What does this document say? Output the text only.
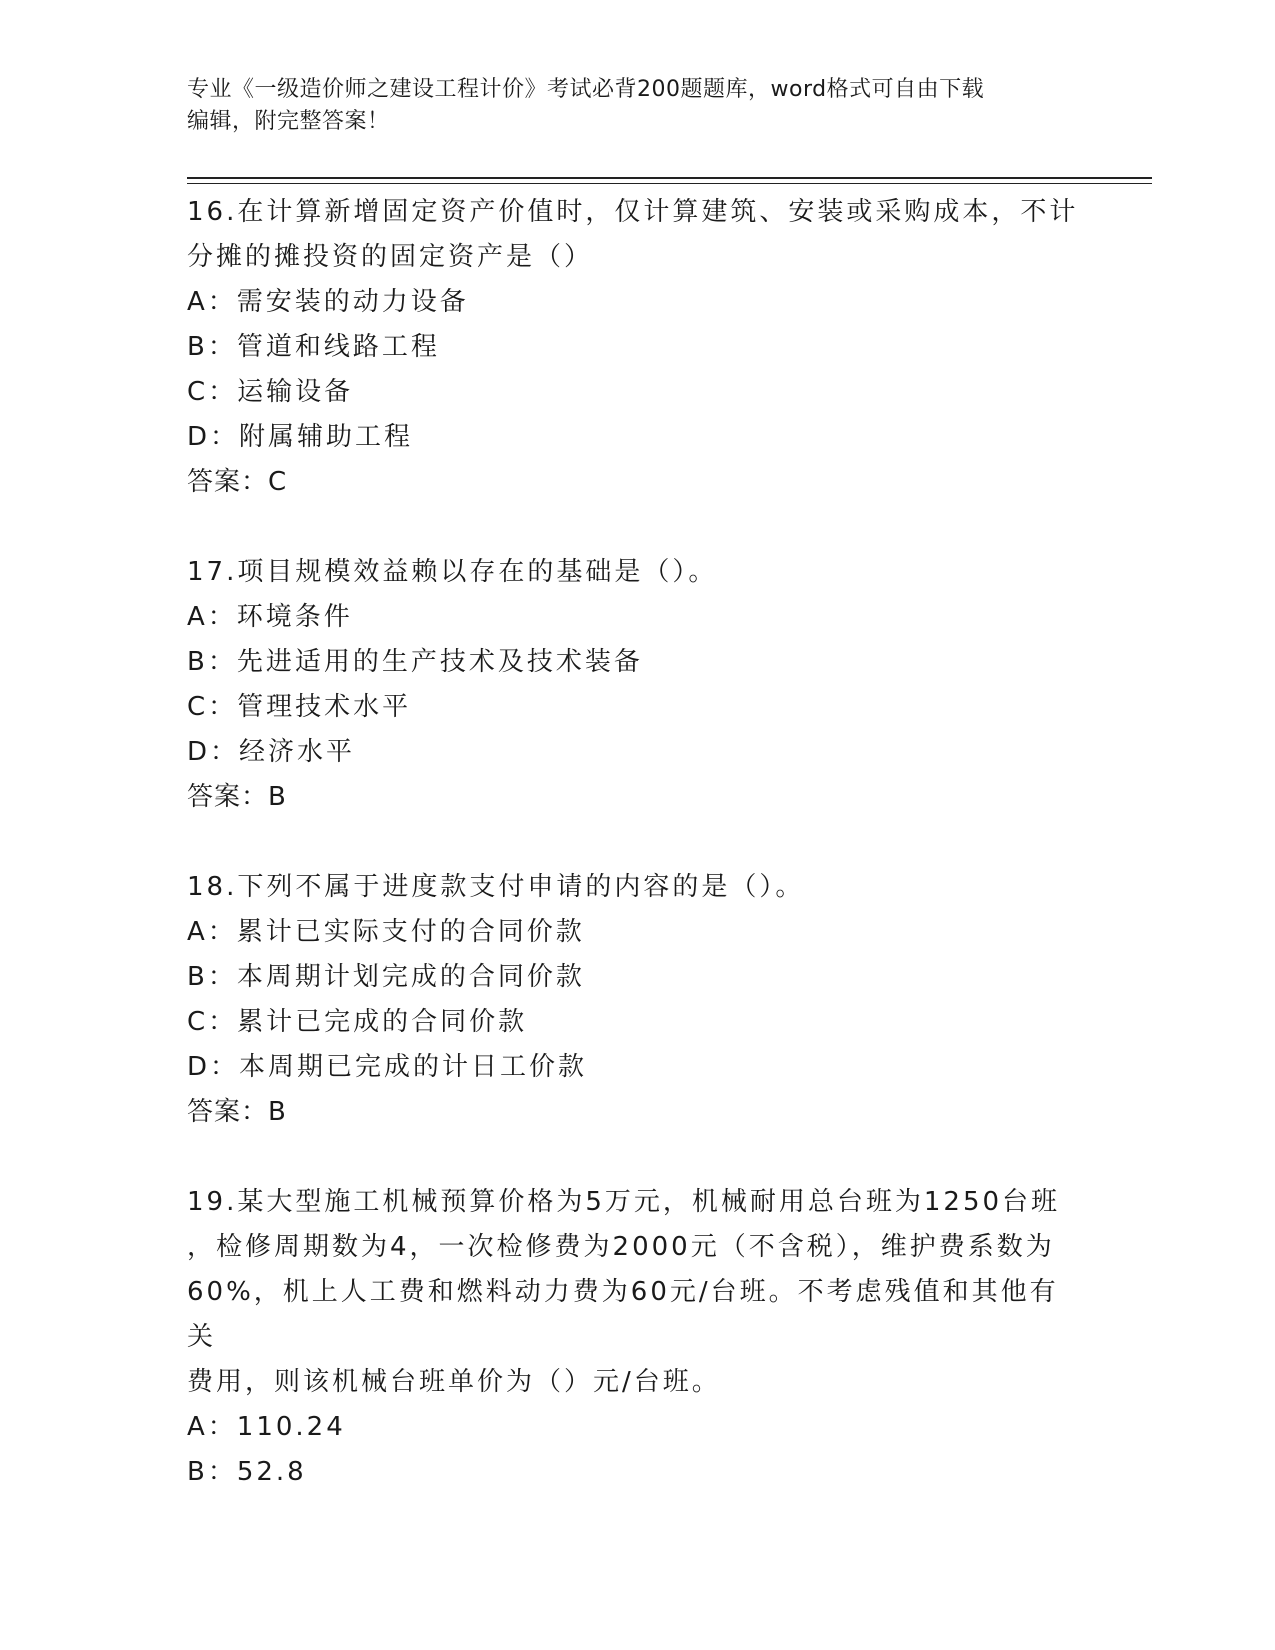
专业《一级造价师之建设工程计价》考试必背200题题库，word格式可自由下载
编辑，附完整答案！
16.在计算新增固定资产价值时，仅计算建筑、安装或采购成本，不计
分摊的摊投资的固定资产是（）
A：需安装的动力设备
B：管道和线路工程
C：运输设备
D：附属辅助工程
答案：C
17.项目规模效益赖以存在的基础是（）。
A：环境条件
B：先进适用的生产技术及技术装备
C：管理技术水平
D：经济水平
答案：B
18.下列不属于进度款支付申请的内容的是（）。
A：累计已实际支付的合同价款
B：本周期计划完成的合同价款
C：累计已完成的合同价款
D：本周期已完成的计日工价款
答案：B
19.某大型施工机械预算价格为5万元，机械耐用总台班为1250台班
，检修周期数为4，一次检修费为2000元（不含税），维护费系数为
60%，机上人工费和燃料动力费为60元/台班。不考虑残值和其他有关
费用，则该机械台班单价为（）元/台班。
A：110.24
B：52.8
